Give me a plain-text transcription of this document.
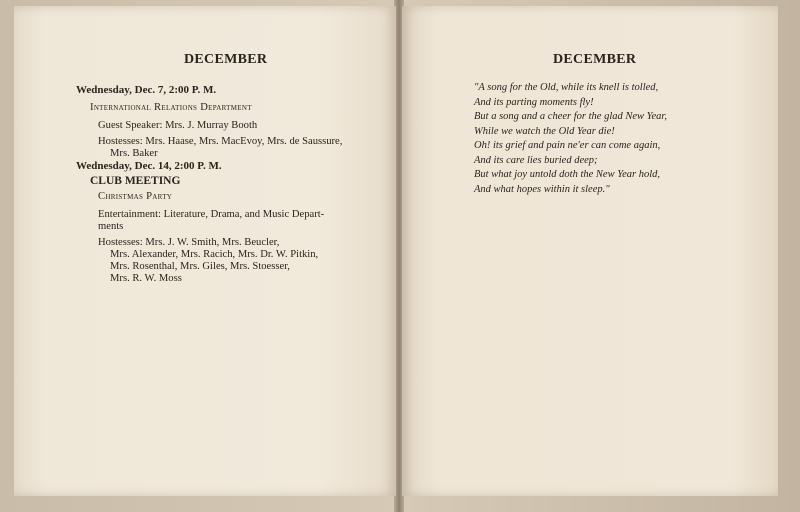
DECEMBER
Wednesday, Dec. 7, 2:00 P. M.
International Relations Department
Guest Speaker: Mrs. J. Murray Booth
Hostesses: Mrs. Haase, Mrs. MacEvoy, Mrs. de Saussure,
Mrs. Baker
Wednesday, Dec. 14, 2:00 P. M.
CLUB MEETING
Christmas Party
Entertainment: Literature, Drama, and Music Depart-
ments
Hostesses: Mrs. J. W. Smith, Mrs. Beucler,
Mrs. Alexander, Mrs. Racich, Mrs. Dr. W. Pitkin,
Mrs. Rosenthal, Mrs. Giles, Mrs. Stoesser,
Mrs. R. W. Moss
DECEMBER
"A song for the Old, while its knell is tolled,
And its parting moments fly!
But a song and a cheer for the glad New Year,
While we watch the Old Year die!
Oh! its grief and pain ne'er can come again,
And its care lies buried deep;
But what joy untold doth the New Year hold,
And what hopes within it sleep."
